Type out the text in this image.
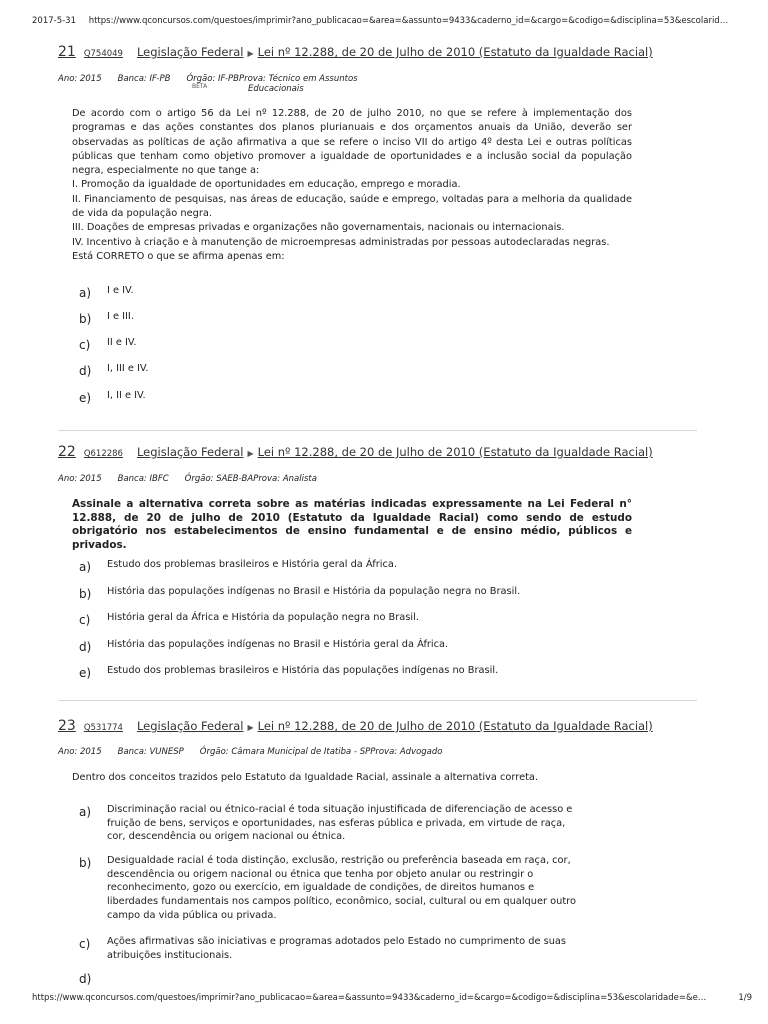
2017-5-31 https://www.qconcursos.com/questoes/imprimir?ano_publicacao=&area=&assunto=9433&caderno_id=&cargo=&codigo=&disciplina=53&escolarid…
21 Q754049 Legislação Federal ▶ Lei nº 12.288, de 20 de Julho de 2010 (Estatuto da Igualdade Racial)
Ano: 2015 Banca: IF-PB Órgão: IF-PBProva: Técnico em Assuntos
BETA	Educacionais
De acordo com o artigo 56 da Lei nº 12.288, de 20 de julho 2010, no que se refere à implementação dos programas e das ações constantes dos planos plurianuais e dos orçamentos anuais da União, deverão ser observadas as políticas de ação afirmativa a que se refere o inciso VII do artigo 4º desta Lei e outras políticas públicas que tenham como objetivo promover a igualdade de oportunidades e a inclusão social da população negra, especialmente no que tange a:
I. Promoção da igualdade de oportunidades em educação, emprego e moradia.
II. Financiamento de pesquisas, nas áreas de educação, saúde e emprego, voltadas para a melhoria da qualidade de vida da população negra.
III. Doações de empresas privadas e organizações não governamentais, nacionais ou internacionais.
IV. Incentivo à criação e à manutenção de microempresas administradas por pessoas autodeclaradas negras.
Está CORRETO o que se afirma apenas em:
a)	I e IV.
b)	I e III.
c)	II e IV.
d)	I, III e IV.
e)	I, II e IV.
22 Q612286 Legislação Federal ▶ Lei nº 12.288, de 20 de Julho de 2010 (Estatuto da Igualdade Racial)
Ano: 2015 Banca: IBFC Órgão: SAEB-BAProva: Analista
Assinale a alternativa correta sobre as matérias indicadas expressamente na Lei Federal n° 12.888, de 20 de julho de 2010 (Estatuto da Igualdade Racial) como sendo de estudo obrigatório nos estabelecimentos de ensino fundamental e de ensino médio, públicos e privados.
a)	Estudo dos problemas brasileiros e História geral da África.
b)	História das populações indígenas no Brasil e História da população negra no Brasil.
c)	História geral da África e História da população negra no Brasil.
d)	História das populações indígenas no Brasil e História geral da África.
e)	Estudo dos problemas brasileiros e História das populações indígenas no Brasil.
23 Q531774 Legislação Federal ▶ Lei nº 12.288, de 20 de Julho de 2010 (Estatuto da Igualdade Racial)
Ano: 2015 Banca: VUNESP Órgão: Câmara Municipal de Itatiba - SPProva: Advogado
Dentro dos conceitos trazidos pelo Estatuto da Igualdade Racial, assinale a alternativa correta.
a)	Discriminação racial ou étnico-racial é toda situação injustificada de diferenciação de acesso e fruição de bens, serviços e oportunidades, nas esferas pública e privada, em virtude de raça, cor, descendência ou origem nacional ou étnica.
b)	Desigualdade racial é toda distinção, exclusão, restrição ou preferência baseada em raça, cor, descendência ou origem nacional ou étnica que tenha por objeto anular ou restringir o reconhecimento, gozo ou exercício, em igualdade de condições, de direitos humanos e liberdades fundamentais nos campos político, econômico, social, cultural ou em qualquer outro campo da vida pública ou privada.
c)	Ações afirmativas são iniciativas e programas adotados pelo Estado no cumprimento de suas atribuições institucionais.
d)
https://www.qconcursos.com/questoes/imprimir?ano_publicacao=&area=&assunto=9433&caderno_id=&cargo=&codigo=&disciplina=53&escolaridade=&e…	1/9
